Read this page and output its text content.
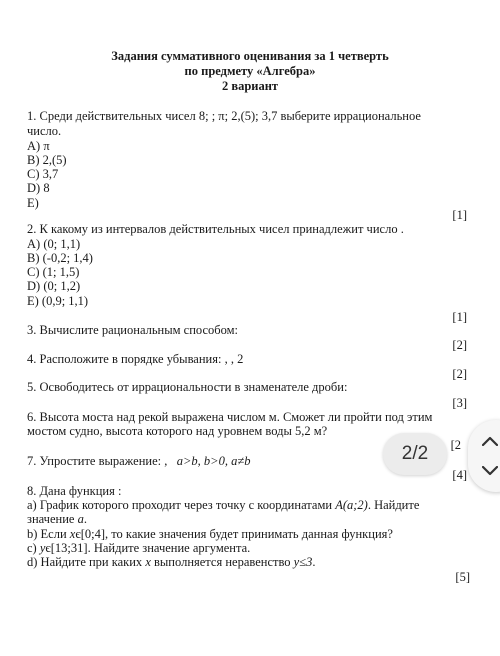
Задания суммативного оценивания за 1 четверть
по предмету «Алгебра»
2 вариант
1. Среди действительных чисел 8; ; π; 2,(5); 3,7 выберите иррациональное
число.
A) π
B) 2,(5)
C) 3,7
D) 8
E)
[1]
2. К какому из интервалов действительных чисел принадлежит число .
A) (0; 1,1)
B) (-0,2; 1,4)
C) (1; 1,5)
D) (0; 1,2)
E) (0,9; 1,1)
[1]
3. Вычислите рациональным способом:
[2]
4. Расположите в порядке убывания: , , 2
[2]
5. Освободитесь от иррациональности в знаменателе дроби:
[3]
6. Высота моста над рекой выражена числом м. Сможет ли пройти под этим
мостом судно, высота которого над уровнем воды 5,2 м?
[2
7. Упростите выражение: , a>b, b>0, a≠b
[4]
8. Дана функция :
a) График которого проходит через точку с координатами A(a;2). Найдите
значение a.
b) Если xє[0;4], то какие значения будет принимать данная функция?
c) yє[13;31]. Найдите значение аргумента.
d) Найдите при каких x выполняется неравенство y≤3.
[5]
2/2
